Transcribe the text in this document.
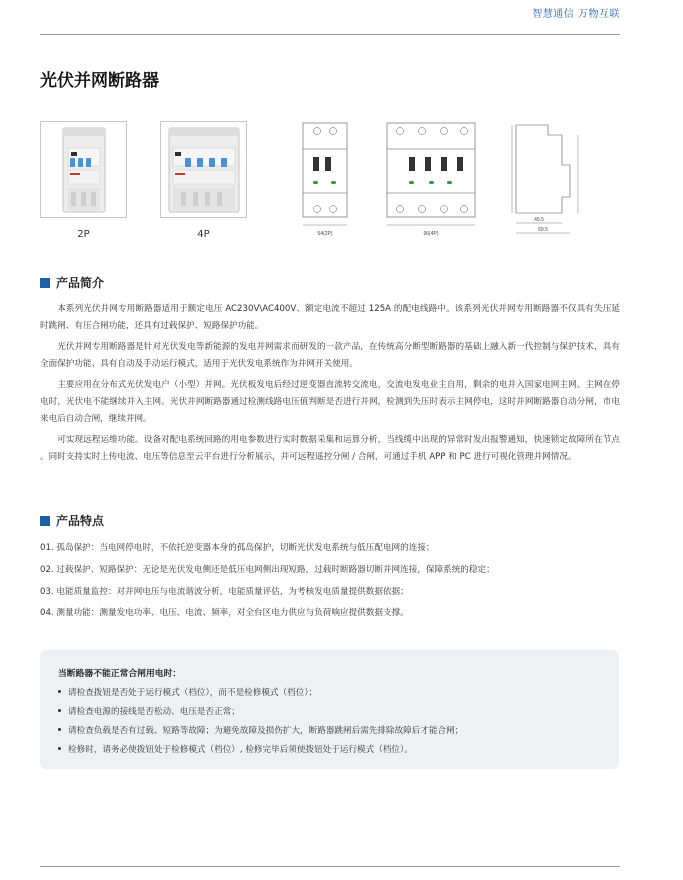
智慧通信 万物互联
光伏并网断路器
2P	4P	54(2P)	96(4P)
49.5
69.5
产品简介

本系列光伏并网专用断路器适用于额定电压 AC230V\AC400V、额定电流不超过 125A 的配电线路中。该系列光伏并网专用断路器不仅具有失压延时跳闸、有压合闸功能，还具有过载保护、短路保护功能。

光伏并网专用断路器是针对光伏发电等新能源的发电并网需求而研发的一款产品，在传统高分断型断路器的基础上融入新一代控制与保护技术，具有全面保护功能、具有自动及手动运行模式，适用于光伏发电系统作为并网开关使用。

主要应用在分布式光伏发电户（小型）并网。光伏板发电后经过逆变器直流转交流电，交流电发电业主自用，剩余的电并入国家电网主网。主网在停电时，光伏电不能继续并入主网。光伏并网断路器通过检测线路电压值判断是否进行并网，检测到失压时表示主网停电，这时并网断路器自动分闸，市电来电后自动合闸，继续并网。

可实现远程运维功能。设备对配电系统回路的用电参数进行实时数据采集和运算分析，当线缆中出现的异常时发出报警通知，快速锁定故障所在节点 。同时支持实时上传电流、电压等信息至云平台进行分析展示，并可远程遥控分闸 / 合闸，可通过手机 APP 和 PC 进行可视化管理并网情况。

产品特点
01. 孤岛保护：当电网停电时，不依托逆变器本身的孤岛保护，切断光伏发电系统与低压配电网的连接；
02. 过载保护、短路保护：无论是光伏发电侧还是低压电网侧出现短路，过载时断路器切断并网连接，保障系统的稳定；
03. 电能质量监控：对并网电压与电流谐波分析，电能质量评估，为考核发电质量提供数据依据；
04. 测量功能：测量发电功率、电压、电流、频率，对全台区电力供应与负荷响应提供数据支撑。
当断路器不能正常合闸用电时：
请检查拨钮是否处于运行模式（档位），而不是检修模式（档位）；
请检查电源的接线是否松动、电压是否正常；
请检查负载是否有过载、短路等故障；为避免故障及损伤扩大，断路器跳闸后需先排除故障后才能合闸；
检修时，请务必使拨钮处于检修模式（档位）, 检修完毕后须使拨钮处于运行模式（档位）。
